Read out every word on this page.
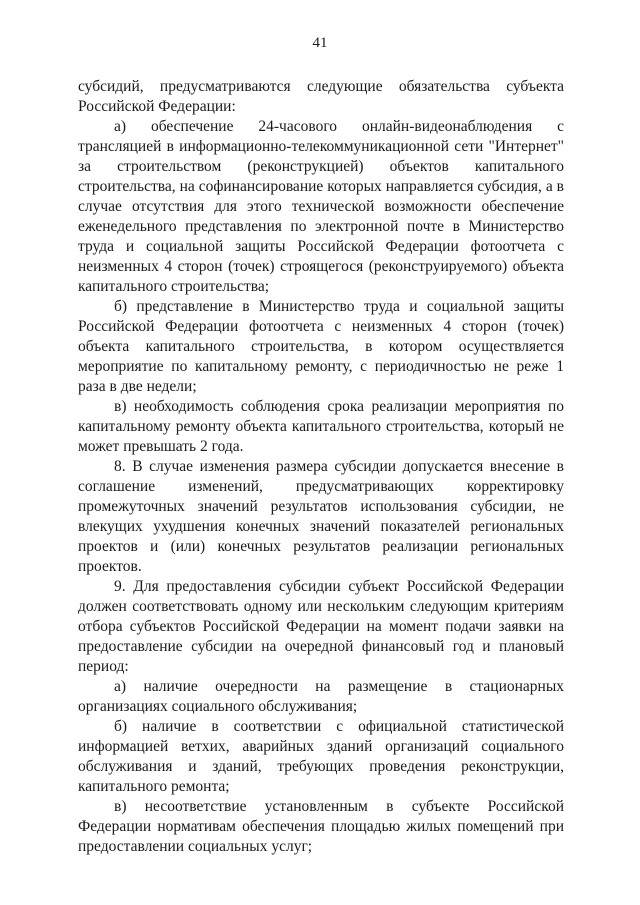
41

субсидий, предусматриваются следующие обязательства субъекта Российской Федерации:

а) обеспечение 24-часового онлайн-видеонаблюдения с трансляцией в информационно-телекоммуникационной сети "Интернет" за строительством (реконструкцией) объектов капитального строительства, на софинансирование которых направляется субсидия, а в случае отсутствия для этого технической возможности обеспечение еженедельного представления по электронной почте в Министерство труда и социальной защиты Российской Федерации фотоотчета с неизменных 4 сторон (точек) строящегося (реконструируемого) объекта капитального строительства;

б) представление в Министерство труда и социальной защиты Российской Федерации фотоотчета с неизменных 4 сторон (точек) объекта капитального строительства, в котором осуществляется мероприятие по капитальному ремонту, с периодичностью не реже 1 раза в две недели;

в) необходимость соблюдения срока реализации мероприятия по капитальному ремонту объекта капитального строительства, который не может превышать 2 года.

8. В случае изменения размера субсидии допускается внесение в соглашение изменений, предусматривающих корректировку промежуточных значений результатов использования субсидии, не влекущих ухудшения конечных значений показателей региональных проектов и (или) конечных результатов реализации региональных проектов.

9. Для предоставления субсидии субъект Российской Федерации должен соответствовать одному или нескольким следующим критериям отбора субъектов Российской Федерации на момент подачи заявки на предоставление субсидии на очередной финансовый год и плановый период:

а) наличие очередности на размещение в стационарных организациях социального обслуживания;

б) наличие в соответствии с официальной статистической информацией ветхих, аварийных зданий организаций социального обслуживания и зданий, требующих проведения реконструкции, капитального ремонта;

в) несоответствие установленным в субъекте Российской Федерации нормативам обеспечения площадью жилых помещений при предоставлении социальных услуг;
